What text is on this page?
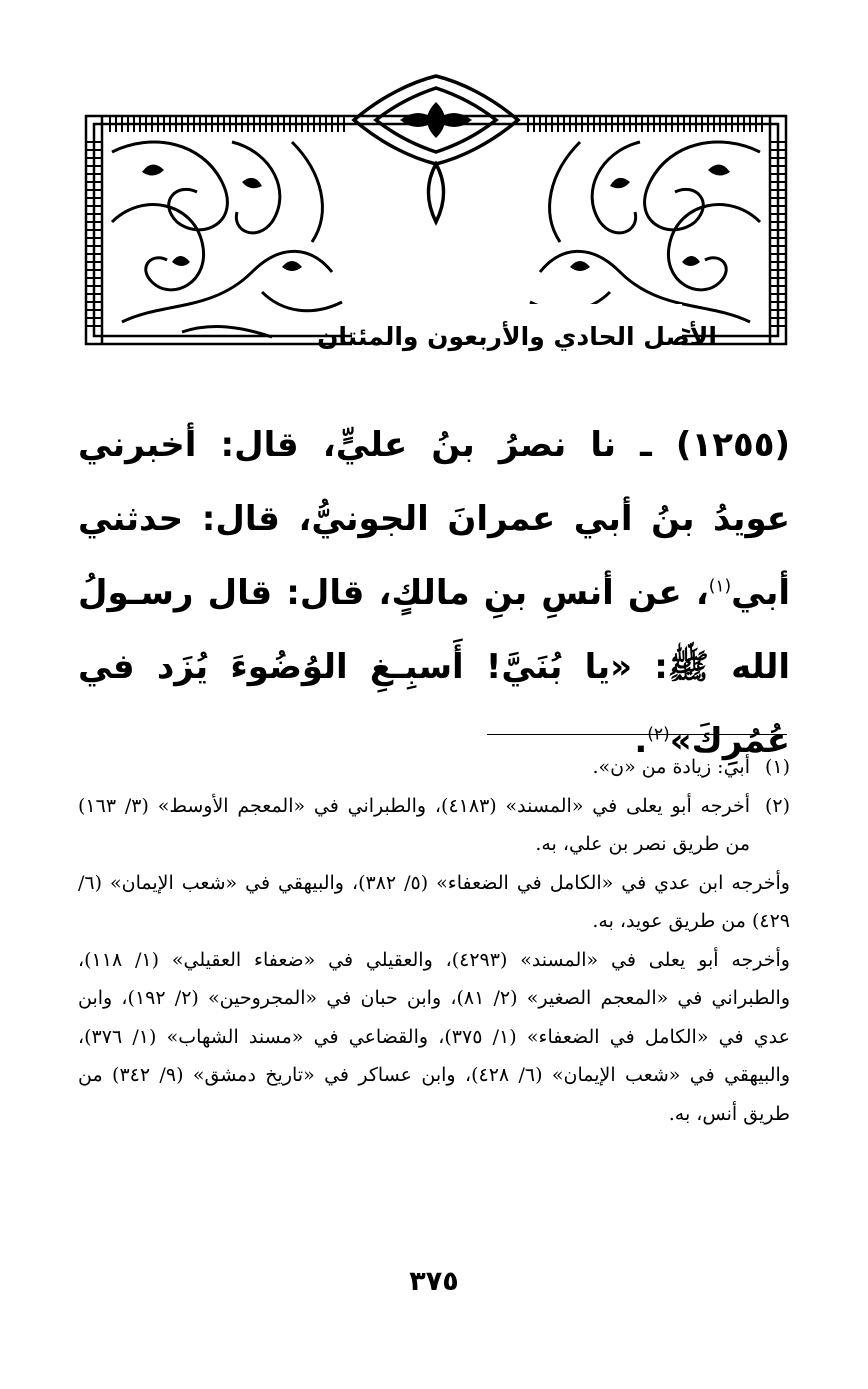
الأصل الحادي والأربعون والمئتان
(١٢٥٥) ـ نا نصرُ بنُ عليٍّ، قال: أخبرني عويدُ بنُ أبي عمرانَ الجونيُّ، قال: حدثني أبي$^{(١)}$، عن أنسِ بنِ مالكٍ، قال: قال رسـولُ الله ﷺ: «يا بُنَيَّ! أَسبِـغِ الوُضُوءَ يُزَد في عُمُرِكَ»$^{(٢)}$.
(١)
أبي: زيادة من «ن».
(٢)
أخرجه أبو يعلى في «المسند» (٤١٨٣)، والطبراني في «المعجم الأوسط» (٣/ ١٦٣) من طريق نصر بن علي، به.
وأخرجه ابن عدي في «الكامل في الضعفاء» (٥/ ٣٨٢)، والبيهقي في «شعب الإيمان» (٦/ ٤٢٩) من طريق عويد، به.
وأخرجه أبو يعلى في «المسند» (٤٢٩٣)، والعقيلي في «ضعفاء العقيلي» (١/ ١١٨)، والطبراني في «المعجم الصغير» (٢/ ٨١)، وابن حبان في «المجروحين» (٢/ ١٩٢)، وابن عدي في «الكامل في الضعفاء» (١/ ٣٧٥)، والقضاعي في «مسند الشهاب» (١/ ٣٧٦)، والبيهقي في «شعب الإيمان» (٦/ ٤٢٨)، وابن عساكر في «تاريخ دمشق» (٩/ ٣٤٢) من طريق أنس، به.
٣٧٥
